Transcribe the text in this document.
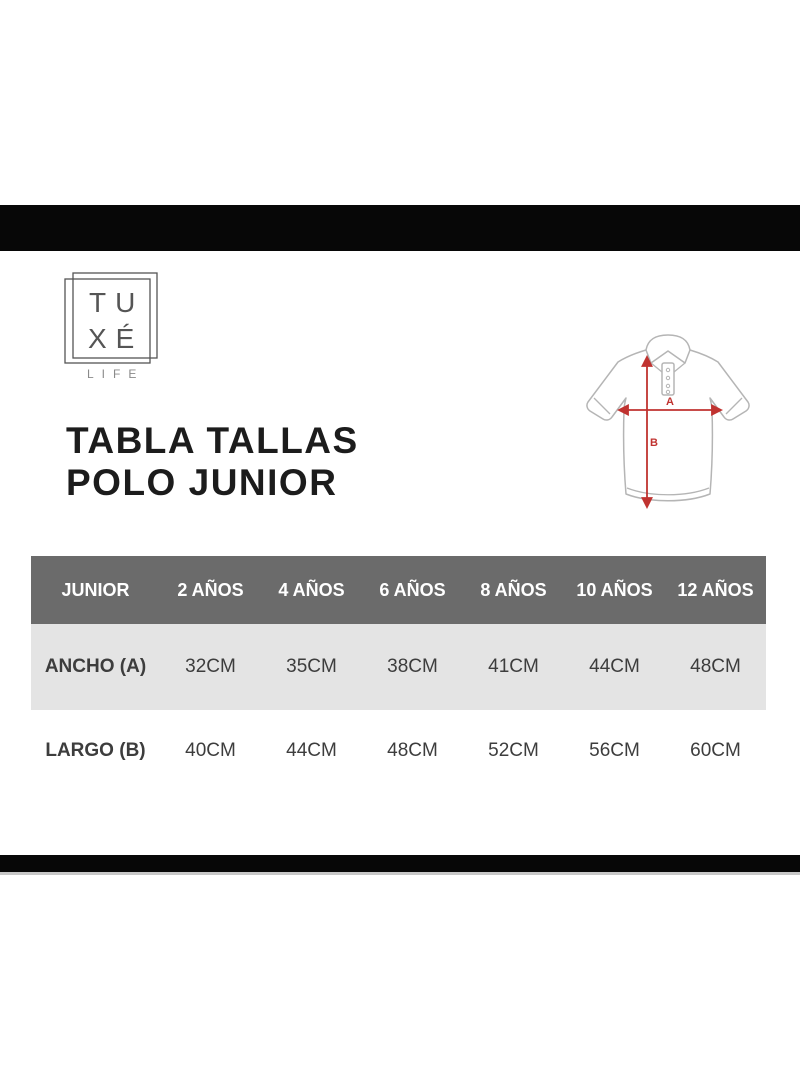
TU
XÉ
LIFE
TABLA TALLAS
POLO JUNIOR
A
B
JUNIOR	2 AÑOS	4 AÑOS	6 AÑOS	8 AÑOS	10 AÑOS	12 AÑOS
ANCHO (A)	32CM	35CM	38CM	41CM	44CM	48CM
LARGO (B)	40CM	44CM	48CM	52CM	56CM	60CM
